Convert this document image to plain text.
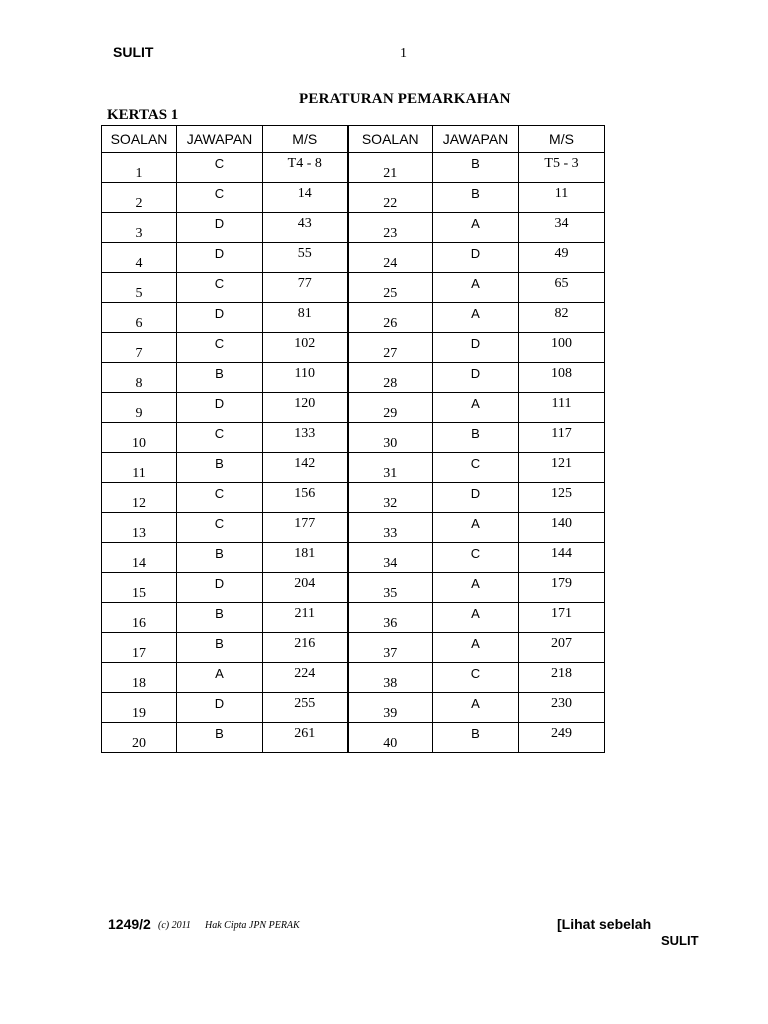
SULIT	1
PERATURAN PEMARKAHAN
KERTAS 1
SOALAN	JAWAPAN	M/S	SOALAN	JAWAPAN	M/S
1	C	T4 - 8	21	B	T5 - 3
2	C	14	22	B	11
3	D	43	23	A	34
4	D	55	24	D	49
5	C	77	25	A	65
6	D	81	26	A	82
7	C	102	27	D	100
8	B	110	28	D	108
9	D	120	29	A	111
10	C	133	30	B	117
11	B	142	31	C	121
12	C	156	32	D	125
13	C	177	33	A	140
14	B	181	34	C	144
15	D	204	35	A	179
16	B	211	36	A	171
17	B	216	37	A	207
18	A	224	38	C	218
19	D	255	39	A	230
20	B	261	40	B	249
1249/2 (c) 2011 Hak Cipta JPN PERAK	[Lihat sebelah
SULIT
